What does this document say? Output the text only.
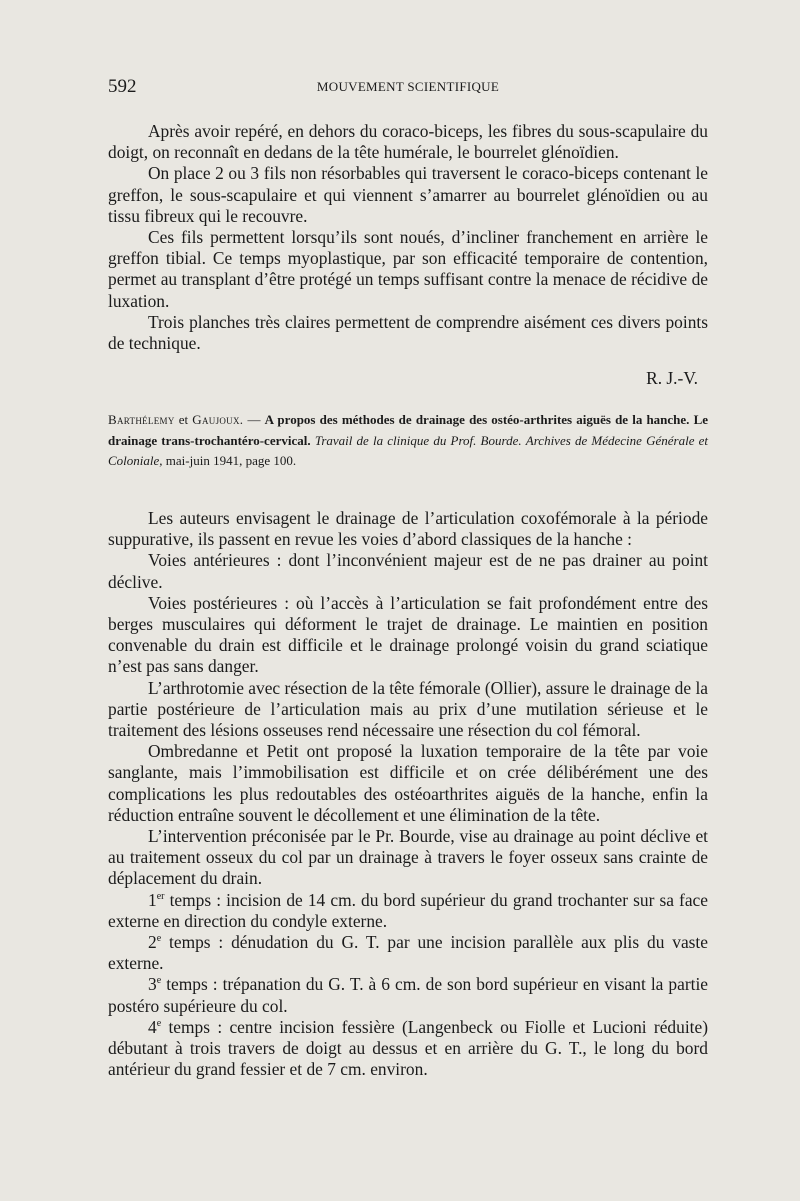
592	MOUVEMENT SCIENTIFIQUE

Après avoir repéré, en dehors du coraco-biceps, les fibres du sous-scapulaire du doigt, on reconnaît en dedans de la tête humérale, le bourrelet glénoïdien.

On place 2 ou 3 fils non résorbables qui traversent le coraco-biceps contenant le greffon, le sous-scapulaire et qui viennent s’amarrer au bourrelet glénoïdien ou au tissu fibreux qui le recouvre.

Ces fils permettent lorsqu’ils sont noués, d’incliner franchement en arrière le greffon tibial. Ce temps myoplastique, par son efficacité temporaire de contention, permet au transplant d’être protégé un temps suffisant contre la menace de récidive de luxation.

Trois planches très claires permettent de comprendre aisément ces divers points de technique.

R. J.-V.
Barthélemy et Gaujoux. — A propos des méthodes de drainage des ostéo-arthrites aiguës de la hanche. Le drainage trans-trochantéro-cervical. Travail de la clinique du Prof. Bourde. Archives de Médecine Générale et Coloniale, mai-juin 1941, page 100.

Les auteurs envisagent le drainage de l’articulation coxofémorale à la période suppurative, ils passent en revue les voies d’abord classiques de la hanche :

Voies antérieures : dont l’inconvénient majeur est de ne pas drainer au point déclive.

Voies postérieures : où l’accès à l’articulation se fait profondément entre des berges musculaires qui déforment le trajet de drainage. Le maintien en position convenable du drain est difficile et le drainage prolongé voisin du grand sciatique n’est pas sans danger.

L’arthrotomie avec résection de la tête fémorale (Ollier), assure le drainage de la partie postérieure de l’articulation mais au prix d’une mutilation sérieuse et le traitement des lésions osseuses rend nécessaire une résection du col fémoral.

Ombredanne et Petit ont proposé la luxation temporaire de la tête par voie sanglante, mais l’immobilisation est difficile et on crée délibérément une des complications les plus redoutables des ostéoarthrites aiguës de la hanche, enfin la réduction entraîne souvent le décollement et une élimination de la tête.

L’intervention préconisée par le Pr. Bourde, vise au drainage au point déclive et au traitement osseux du col par un drainage à travers le foyer osseux sans crainte de déplacement du drain.

1er temps : incision de 14 cm. du bord supérieur du grand trochanter sur sa face externe en direction du condyle externe.

2e temps : dénudation du G. T. par une incision parallèle aux plis du vaste externe.

3e temps : trépanation du G. T. à 6 cm. de son bord supérieur en visant la partie postéro supérieure du col.

4e temps : centre incision fessière (Langenbeck ou Fiolle et Lucioni réduite) débutant à trois travers de doigt au dessus et en arrière du G. T., le long du bord antérieur du grand fessier et de 7 cm. environ.
